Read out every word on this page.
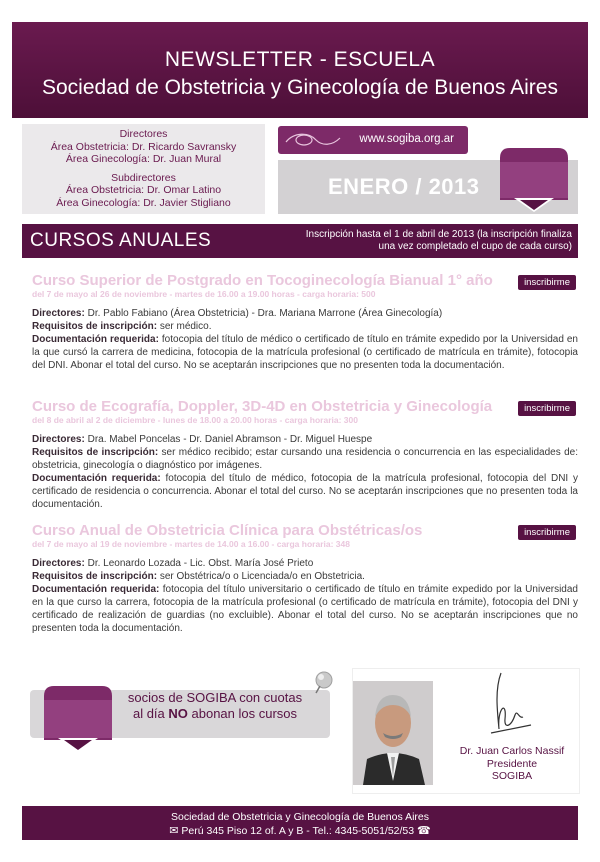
NEWSLETTER - ESCUELA
Sociedad de Obstetricia y Ginecología de Buenos Aires
Directores
Área Obstetricia: Dr. Ricardo Savransky
Área Ginecología: Dr. Juan Mural
Subdirectores
Área Obstetricia: Dr. Omar Latino
Área Ginecología: Dr. Javier Stigliano
www.sogiba.org.ar
ENERO / 2013
CURSOS ANUALES	Inscripción hasta el 1 de abril de 2013 (la inscripción finaliza una vez completado el cupo de cada curso)
inscribirme
Curso Superior de Postgrado en Tocoginecología Bianual 1° año
del 7 de mayo al 26 de noviembre - martes de 16.00 a 19.00 horas - carga horaria: 500

Directores: Dr. Pablo Fabiano (Área Obstetricia) - Dra. Mariana Marrone (Área Ginecología)

Requisitos de inscripción: ser médico.

Documentación requerida: fotocopia del título de médico o certificado de título en trámite expedido por la Universidad en la que cursó la carrera de medicina, fotocopia de la matrícula profesional (o certificado de matrícula en trámite), fotocopia del DNI. Abonar el total del curso. No se aceptarán inscripciones que no presenten toda la documentación.

inscribirme
Curso de Ecografía, Doppler, 3D-4D en Obstetricia y Ginecología
del 8 de abril al 2 de diciembre - lunes de 18.00 a 20.00 horas - carga horaria: 300

Directores: Dra. Mabel Poncelas - Dr. Daniel Abramson - Dr. Miguel Huespe

Requisitos de inscripción: ser médico recibido; estar cursando una residencia o concurrencia en las especialidades de: obstetricia, ginecología o diagnóstico por imágenes.

Documentación requerida: fotocopia del título de médico, fotocopia de la matrícula profesional, fotocopia del DNI y certificado de residencia o concurrencia. Abonar el total del curso. No se aceptarán inscripciones que no presenten toda la documentación.

inscribirme
Curso Anual de Obstetricia Clínica para Obstétricas/os
del 7 de mayo al 19 de noviembre - martes de 14.00 a 16.00 - carga horaria: 348

Directores: Dr. Leonardo Lozada - Lic. Obst. María José Prieto

Requisitos de inscripción: ser Obstétrica/o o Licenciada/o en Obstetricia.

Documentación requerida: fotocopia del título universitario o certificado de título en trámite expedido por la Universidad en la que curso la carrera, fotocopia de la matrícula profesional (o certificado de matrícula en trámite), fotocopia del DNI y certificado de realización de guardias (no excluible). Abonar el total del curso. No se aceptarán inscripciones que no presenten toda la documentación.

socios de SOGIBA con cuotas
al día NO abonan los cursos
Dr. Juan Carlos Nassif
Presidente
SOGIBA
Sociedad de Obstetricia y Ginecología de Buenos Aires
✉ Perú 345 Piso 12 of. A y B - Tel.: 4345-5051/52/53 ☎
